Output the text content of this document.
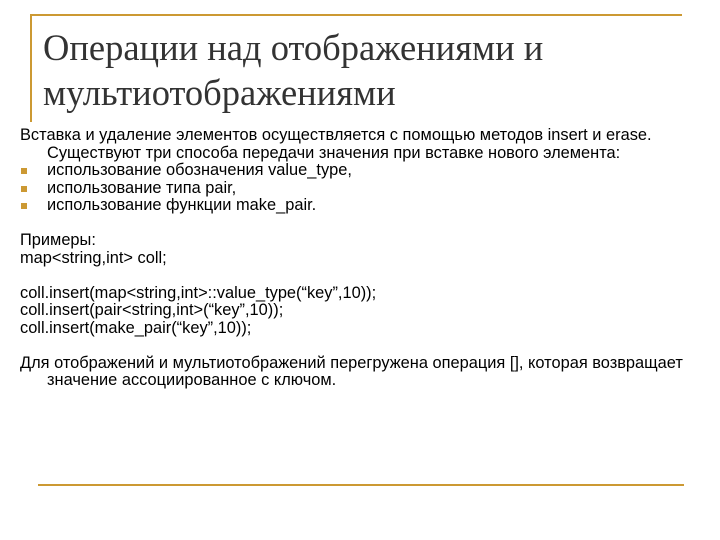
Операции над отображениями и мультиотображениями

Вставка и удаление элементов осуществляется с помощью методов insert и erase. Существуют три способа передачи значения при вставке нового элемента:

использование обозначения value_type,
использование типа pair,
использование функции make_pair.

Примеры:

map<string,int> coll;

coll.insert(map<string,int>::value_type(“key”,10));

coll.insert(pair<string,int>(“key”,10));

coll.insert(make_pair(“key”,10));

Для отображений и мультиотображений перегружена операция [], которая возвращает значение ассоциированное с ключом.
